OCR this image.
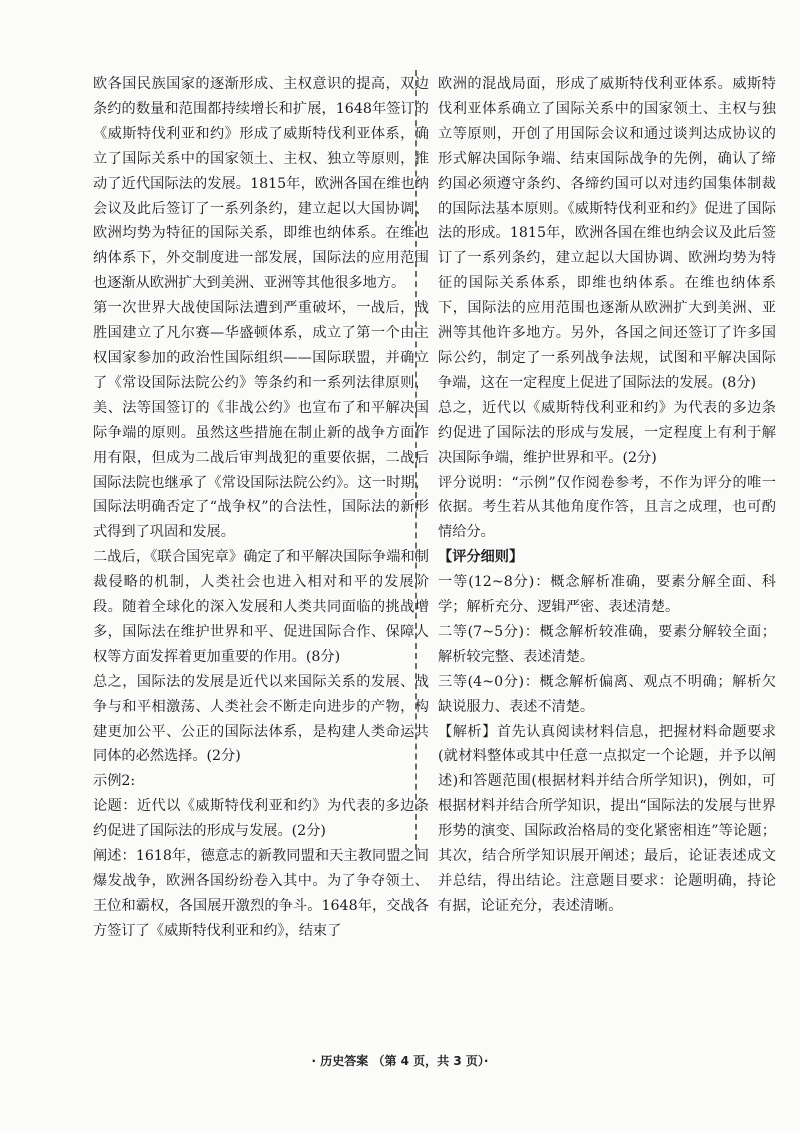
欧各国民族国家的逐渐形成、主权意识的提高，双边条约的数量和范围都持续增长和扩展，1648年签订的《威斯特伐利亚和约》形成了威斯特伐利亚体系，确立了国际关系中的国家领土、主权、独立等原则，推动了近代国际法的发展。1815年，欧洲各国在维也纳会议及此后签订了一系列条约，建立起以大国协调、欧洲均势为特征的国际关系，即维也纳体系。在维也纳体系下，外交制度进一部发展，国际法的应用范围也逐渐从欧洲扩大到美洲、亚洲等其他很多地方。

第一次世界大战使国际法遭到严重破坏，一战后，战胜国建立了凡尔赛—华盛顿体系，成立了第一个由主权国家参加的政治性国际组织——国际联盟，并确立了《常设国际法院公约》等条约和一系列法律原则，美、法等国签订的《非战公约》也宣布了和平解决国际争端的原则。虽然这些措施在制止新的战争方面作用有限，但成为二战后审判战犯的重要依据，二战后国际法院也继承了《常设国际法院公约》。这一时期，国际法明确否定了“战争权”的合法性，国际法的新形式得到了巩固和发展。

二战后，《联合国宪章》确定了和平解决国际争端和制裁侵略的机制，人类社会也进入相对和平的发展阶段。随着全球化的深入发展和人类共同面临的挑战增多，国际法在维护世界和平、促进国际合作、保障人权等方面发挥着更加重要的作用。(8分)

总之，国际法的发展是近代以来国际关系的发展、战争与和平相激荡、人类社会不断走向进步的产物，构建更加公平、公正的国际法体系，是构建人类命运共同体的必然选择。(2分)

示例2:

论题：近代以《威斯特伐利亚和约》为代表的多边条约促进了国际法的形成与发展。(2分)

阐述：1618年，德意志的新教同盟和天主教同盟之间爆发战争，欧洲各国纷纷卷入其中。为了争夺领土、王位和霸权，各国展开激烈的争斗。1648年，交战各方签订了《威斯特伐利亚和约》，结束了

欧洲的混战局面，形成了威斯特伐利亚体系。威斯特伐利亚体系确立了国际关系中的国家领土、主权与独立等原则，开创了用国际会议和通过谈判达成协议的形式解决国际争端、结束国际战争的先例，确认了缔约国必须遵守条约、各缔约国可以对违约国集体制裁的国际法基本原则。《威斯特伐利亚和约》促进了国际法的形成。1815年，欧洲各国在维也纳会议及此后签订了一系列条约，建立起以大国协调、欧洲均势为特征的国际关系体系，即维也纳体系。在维也纳体系下，国际法的应用范围也逐渐从欧洲扩大到美洲、亚洲等其他许多地方。另外，各国之间还签订了许多国际公约，制定了一系列战争法规，试图和平解决国际争端，这在一定程度上促进了国际法的发展。(8分)

总之，近代以《威斯特伐利亚和约》为代表的多边条约促进了国际法的形成与发展，一定程度上有利于解决国际争端，维护世界和平。(2分)

评分说明：“示例”仅作阅卷参考，不作为评分的唯一依据。考生若从其他角度作答，且言之成理，也可酌情给分。

【评分细则】

一等(12~8分)：概念解析准确，要素分解全面、科学；解析充分、逻辑严密、表述清楚。

二等(7~5分)：概念解析较准确，要素分解较全面；解析较完整、表述清楚。

三等(4~0分)：概念解析偏离、观点不明确；解析欠缺说服力、表述不清楚。

【解析】首先认真阅读材料信息，把握材料命题要求(就材料整体或其中任意一点拟定一个论题，并予以阐述)和答题范围(根据材料并结合所学知识)，例如，可根据材料并结合所学知识，提出“国际法的发展与世界形势的演变、国际政治格局的变化紧密相连”等论题；其次，结合所学知识展开阐述；最后，论证表述成文并总结，得出结论。注意题目要求：论题明确，持论有据，论证充分，表述清晰。

· 历史答案 （第 4 页，共 3 页）·
